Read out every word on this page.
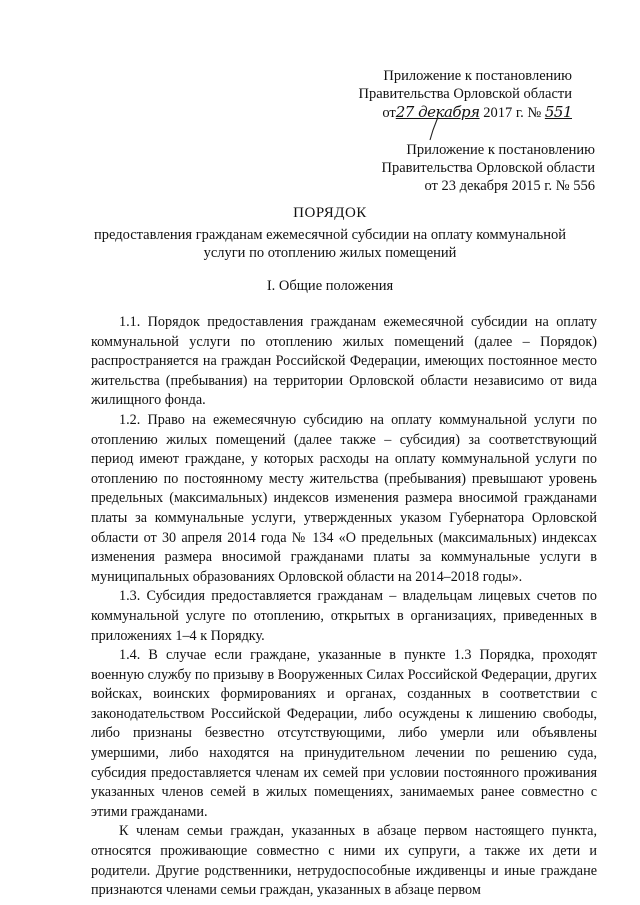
Приложение к постановлению
Правительства Орловской области
от27 декабря 2017 г. № 551
Приложение к постановлению
Правительства Орловской области
от 23 декабря 2015 г. № 556
ПОРЯДОК
предоставления гражданам ежемесячной субсидии на оплату коммунальной
услуги по отоплению жилых помещений
I. Общие положения

1.1. Порядок предоставления гражданам ежемесячной субсидии на оплату коммунальной услуги по отоплению жилых помещений (далее – Порядок) распространяется на граждан Российской Федерации, имеющих постоянное место жительства (пребывания) на территории Орловской области независимо от вида жилищного фонда.

1.2. Право на ежемесячную субсидию на оплату коммунальной услуги по отоплению жилых помещений (далее также – субсидия) за соответствующий период имеют граждане, у которых расходы на оплату коммунальной услуги по отоплению по постоянному месту жительства (пребывания) превышают уровень предельных (максимальных) индексов изменения размера вносимой гражданами платы за коммунальные услуги, утвержденных указом Губернатора Орловской области от 30 апреля 2014 года № 134 «О предельных (максимальных) индексах изменения размера вносимой гражданами платы за коммунальные услуги в муниципальных образованиях Орловской области на 2014–2018 годы».

1.3. Субсидия предоставляется гражданам – владельцам лицевых счетов по коммунальной услуге по отоплению, открытых в организациях, приведенных в приложениях 1–4 к Порядку.

1.4. В случае если граждане, указанные в пункте 1.3 Порядка, проходят военную службу по призыву в Вооруженных Силах Российской Федерации, других войсках, воинских формированиях и органах, созданных в соответствии с законодательством Российской Федерации, либо осуждены к лишению свободы, либо признаны безвестно отсутствующими, либо умерли или объявлены умершими, либо находятся на принудительном лечении по решению суда, субсидия предоставляется членам их семей при условии постоянного проживания указанных членов семей в жилых помещениях, занимаемых ранее совместно с этими гражданами.

К членам семьи граждан, указанных в абзаце первом настоящего пункта, относятся проживающие совместно с ними их супруги, а также их дети и родители. Другие родственники, нетрудоспособные иждивенцы и иные граждане признаются членами семьи граждан, указанных в абзаце первом
